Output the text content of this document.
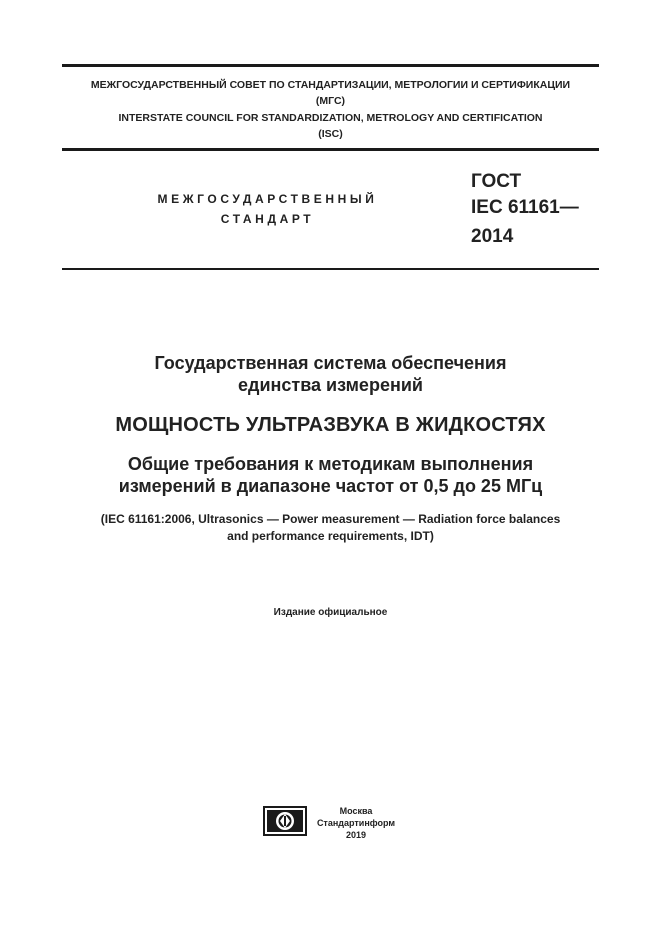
МЕЖГОСУДАРСТВЕННЫЙ СОВЕТ ПО СТАНДАРТИЗАЦИИ, МЕТРОЛОГИИ И СЕРТИФИКАЦИИ
(МГС)
INTERSTATE COUNCIL FOR STANDARDIZATION, METROLOGY AND CERTIFICATION
(ISC)
МЕЖГОСУДАРСТВЕННЫЙ
СТАНДАРТ
ГОСТ
IEC 61161—
2014
Государственная система обеспечения
единства измерений
МОЩНОСТЬ УЛЬТРАЗВУКА В ЖИДКОСТЯХ
Общие требования к методикам выполнения
измерений в диапазоне частот от 0,5 до 25 МГц
(IEC 61161:2006, Ultrasonics — Power measurement — Radiation force balances
and performance requirements, IDT)
Издание официальное
Москва
Стандартинформ
2019
